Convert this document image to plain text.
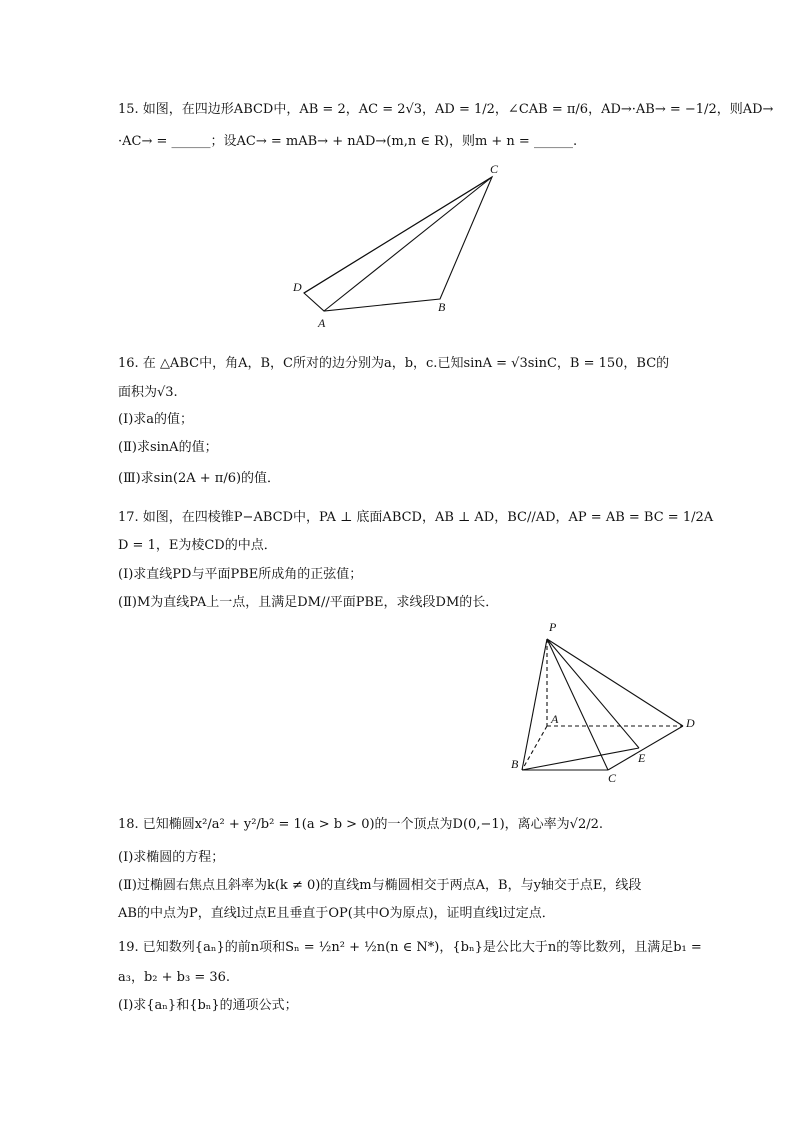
15. 如图，在四边形ABCD中，AB = 2，AC = 2√3，AD = 1/2，∠CAB = π/6，AD→·AB→ = −1/2，则AD→
·AC→ = ______；设AC→ = mAB→ + nAD→(m,n ∈ R)，则m + n = ______.
C
D
A
B
16. 在 △ABC中，角A，B，C所对的边分别为a，b，c.已知sinA = √3sinC，B = 150，BC的
面积为√3.
(Ⅰ)求a的值；
(Ⅱ)求sinA的值；
(Ⅲ)求sin(2A + π/6)的值．
17. 如图，在四棱锥P−ABCD中，PA ⊥ 底面ABCD，AB ⊥ AD，BC//AD，AP = AB = BC = 1/2A
D = 1，E为棱CD的中点．
(Ⅰ)求直线PD与平面PBE所成角的正弦值；
(Ⅱ)M为直线PA上一点，且满足DM//平面PBE，求线段DM的长．
P
A
B
C
D
E
18. 已知椭圆x²/a² + y²/b² = 1(a > b > 0)的一个顶点为D(0,−1)，离心率为√2/2.
(Ⅰ)求椭圆的方程；
(Ⅱ)过椭圆右焦点且斜率为k(k ≠ 0)的直线m与椭圆相交于两点A，B，与y轴交于点E，线段
AB的中点为P，直线l过点E且垂直于OP(其中O为原点)，证明直线l过定点．
19. 已知数列{aₙ}的前n项和Sₙ = ½n² + ½n(n ∈ N*)，{bₙ}是公比大于n的等比数列，且满足b₁ =
a₃，b₂ + b₃ = 36.
(Ⅰ)求{aₙ}和{bₙ}的通项公式；
